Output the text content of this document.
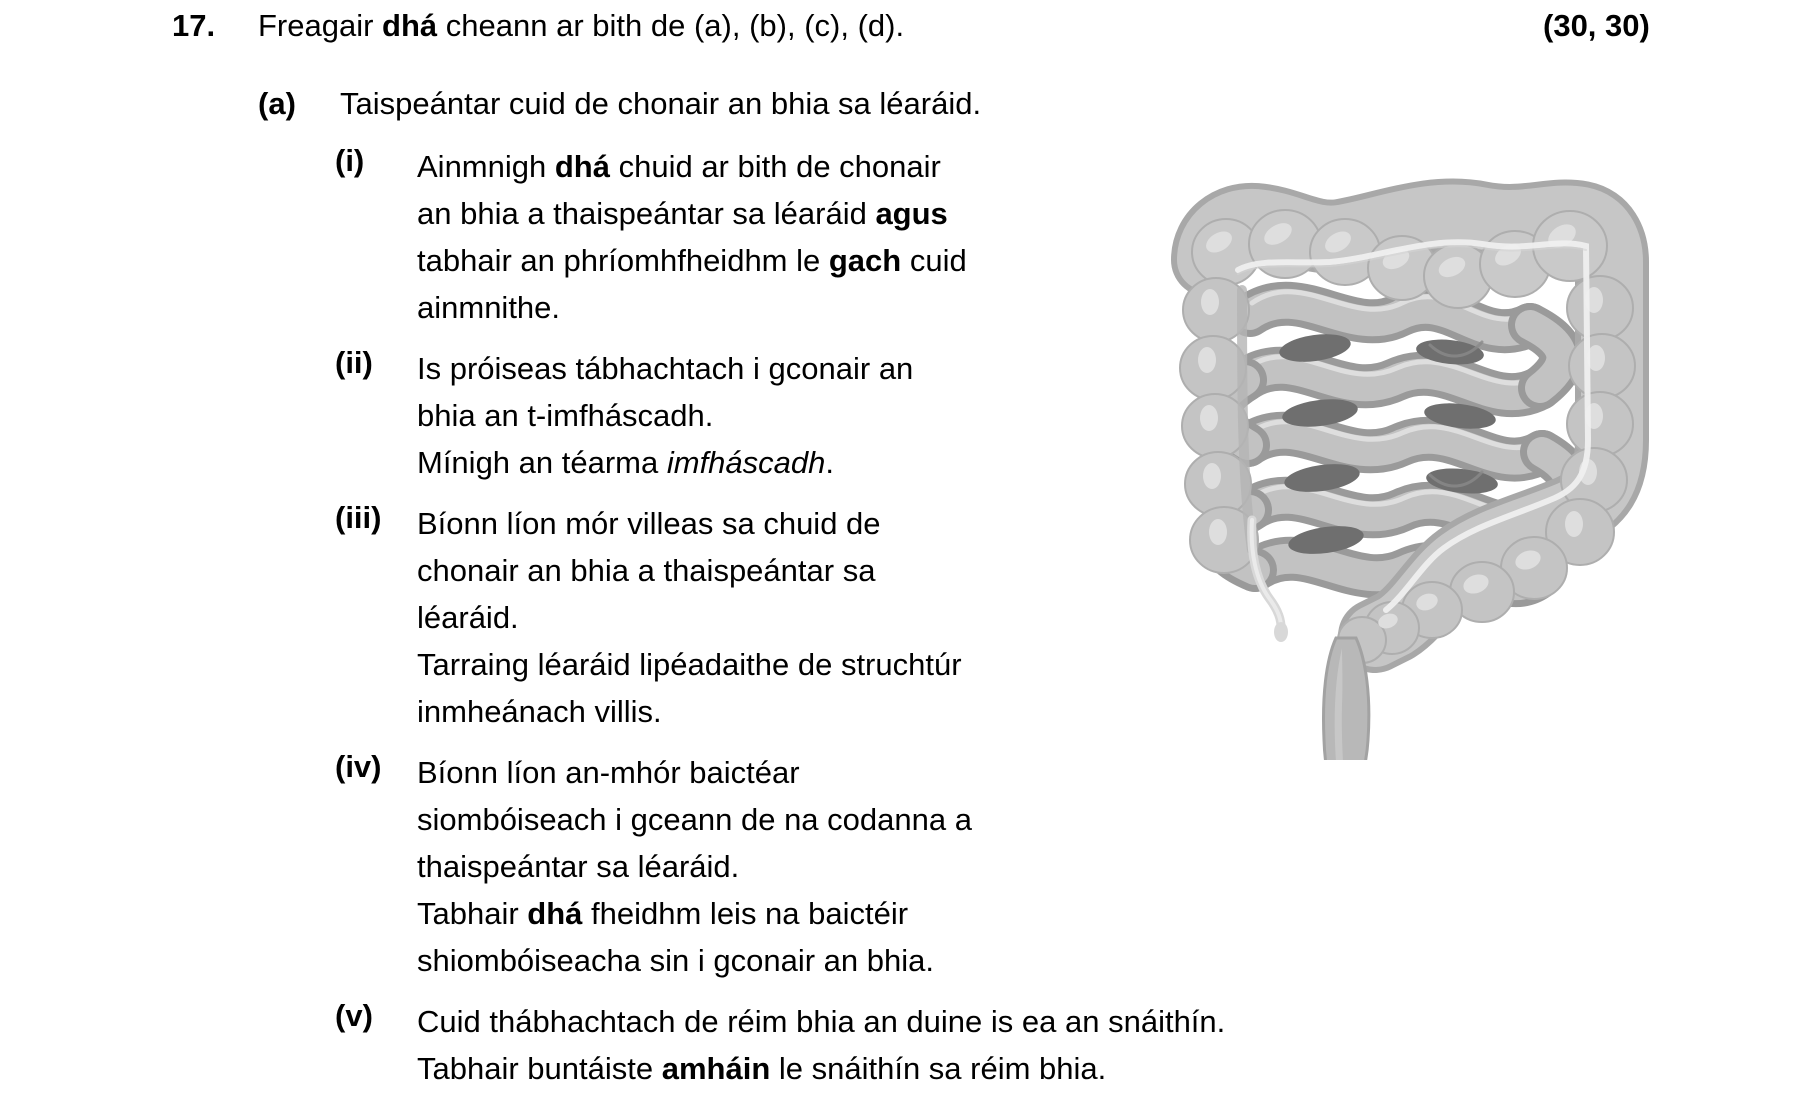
17. Freagair dhá cheann ar bith de (a), (b), (c), (d).	(30, 30)
(a) Taispeántar cuid de chonair an bhia sa léaráid.
(i)	Ainmnigh dhá chuid ar bith de chonair an bhia a thaispeántar sa léaráid agus tabhair an phríomhfheidhm le gach cuid ainmnithe.

(ii)	Is próiseas tábhachtach i gconair an bhia an t-imfháscadh.

Mínigh an téarma imfháscadh.

(iii)	Bíonn líon mór villeas sa chuid de chonair an bhia a thaispeántar sa léaráid.

Tarraing léaráid lipéadaithe de struchtúr inmheánach villis.

(iv)	Bíonn líon an-mhór baictéar siombóiseach i gceann de na codanna a thaispeántar sa léaráid.

Tabhair dhá fheidhm leis na baictéir shiombóiseacha sin i gconair an bhia.

(v)	Cuid thábhachtach de réim bhia an duine is ea an snáithín.

Tabhair buntáiste amháin le snáithín sa réim bhia.
